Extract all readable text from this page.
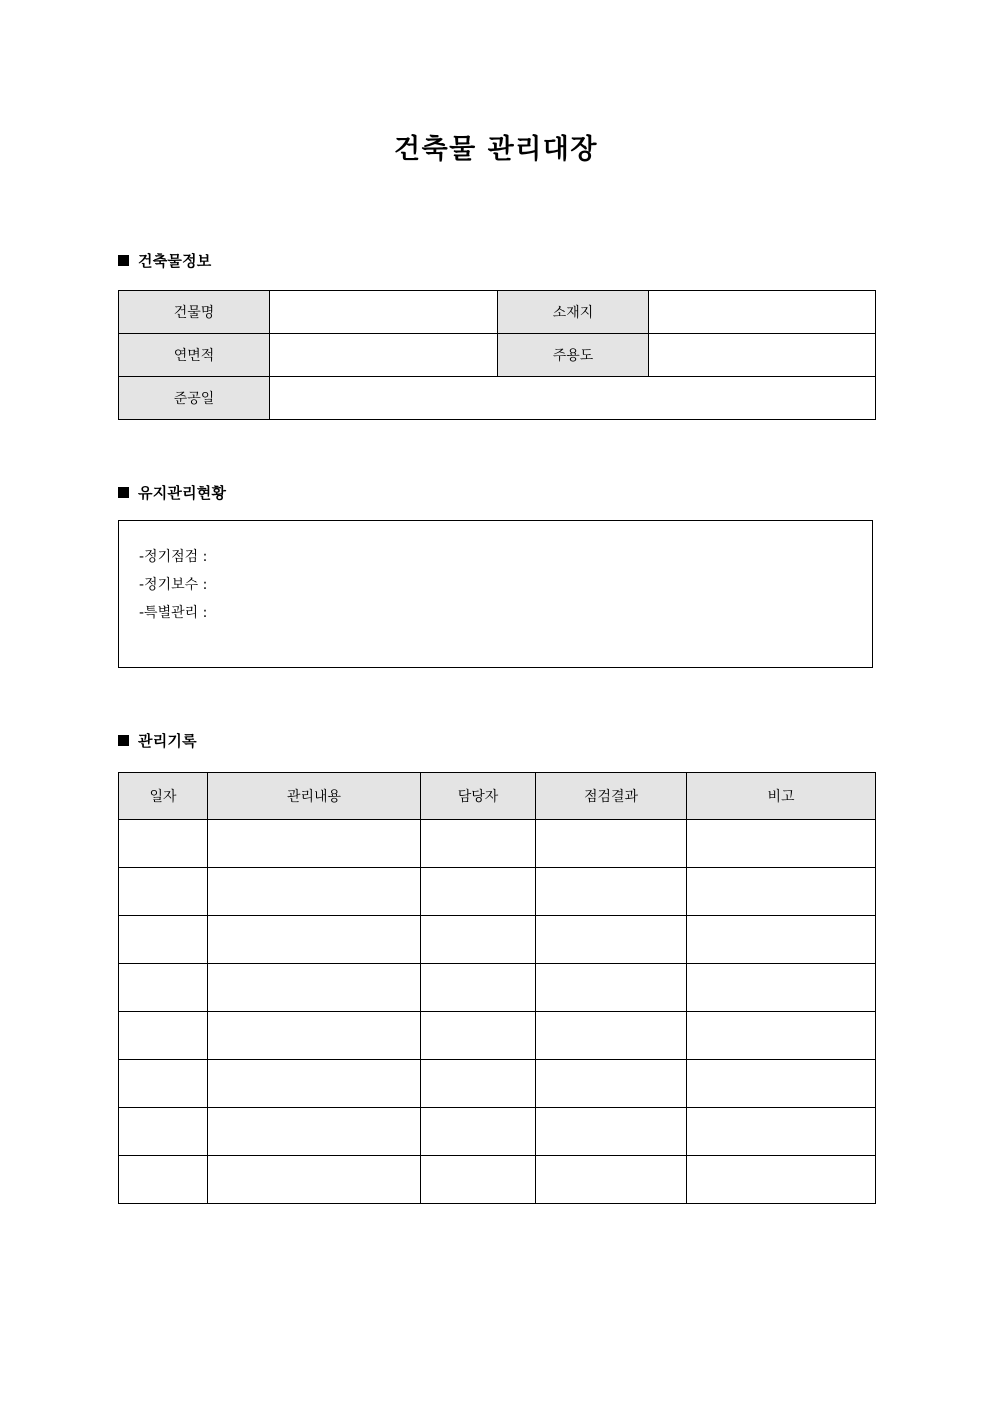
건축물 관리대장
건축물정보
건물명		소재지	
연면적		주용도	
준공일			
유지관리현황
-정기점검 :
-정기보수 :
-특별관리 :
관리기록
일자	관리내용	담당자	점검결과	비고
